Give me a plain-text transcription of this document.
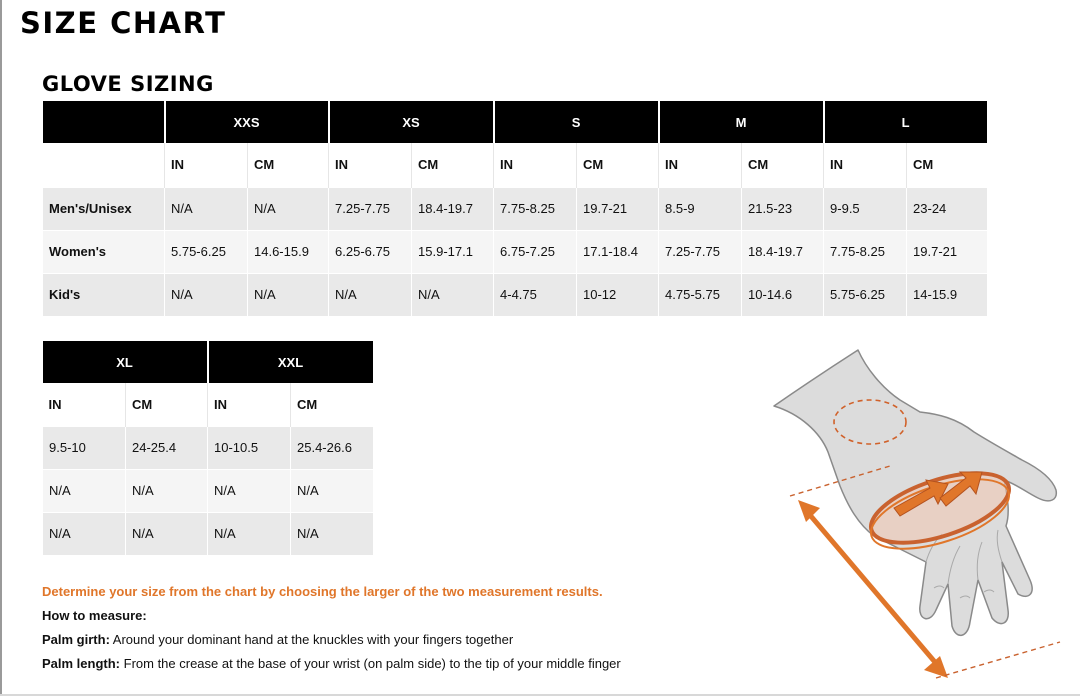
SIZE CHART
GLOVE SIZING
	XXS		XS		S		M		L	
	IN	CM	IN	CM	IN	CM	IN	CM	IN	CM
Men's/Unisex	N/A	N/A	7.25-7.75	18.4-19.7	7.75-8.25	19.7-21	8.5-9	21.5-23	9-9.5	23-24
Women's	5.75-6.25	14.6-15.9	6.25-6.75	15.9-17.1	6.75-7.25	17.1-18.4	7.25-7.75	18.4-19.7	7.75-8.25	19.7-21
Kid's	N/A	N/A	N/A	N/A	4-4.75	10-12	4.75-5.75	10-14.6	5.75-6.25	14-15.9
XL		XXL	
IN	CM	IN	CM
9.5-10	24-25.4	10-10.5	25.4-26.6
N/A	N/A	N/A	N/A
N/A	N/A	N/A	N/A

Determine your size from the chart by choosing the larger of the two measurement results.

How to measure:

Palm girth: Around your dominant hand at the knuckles with your fingers together

Palm length: From the crease at the base of your wrist (on palm side) to the tip of your middle finger
